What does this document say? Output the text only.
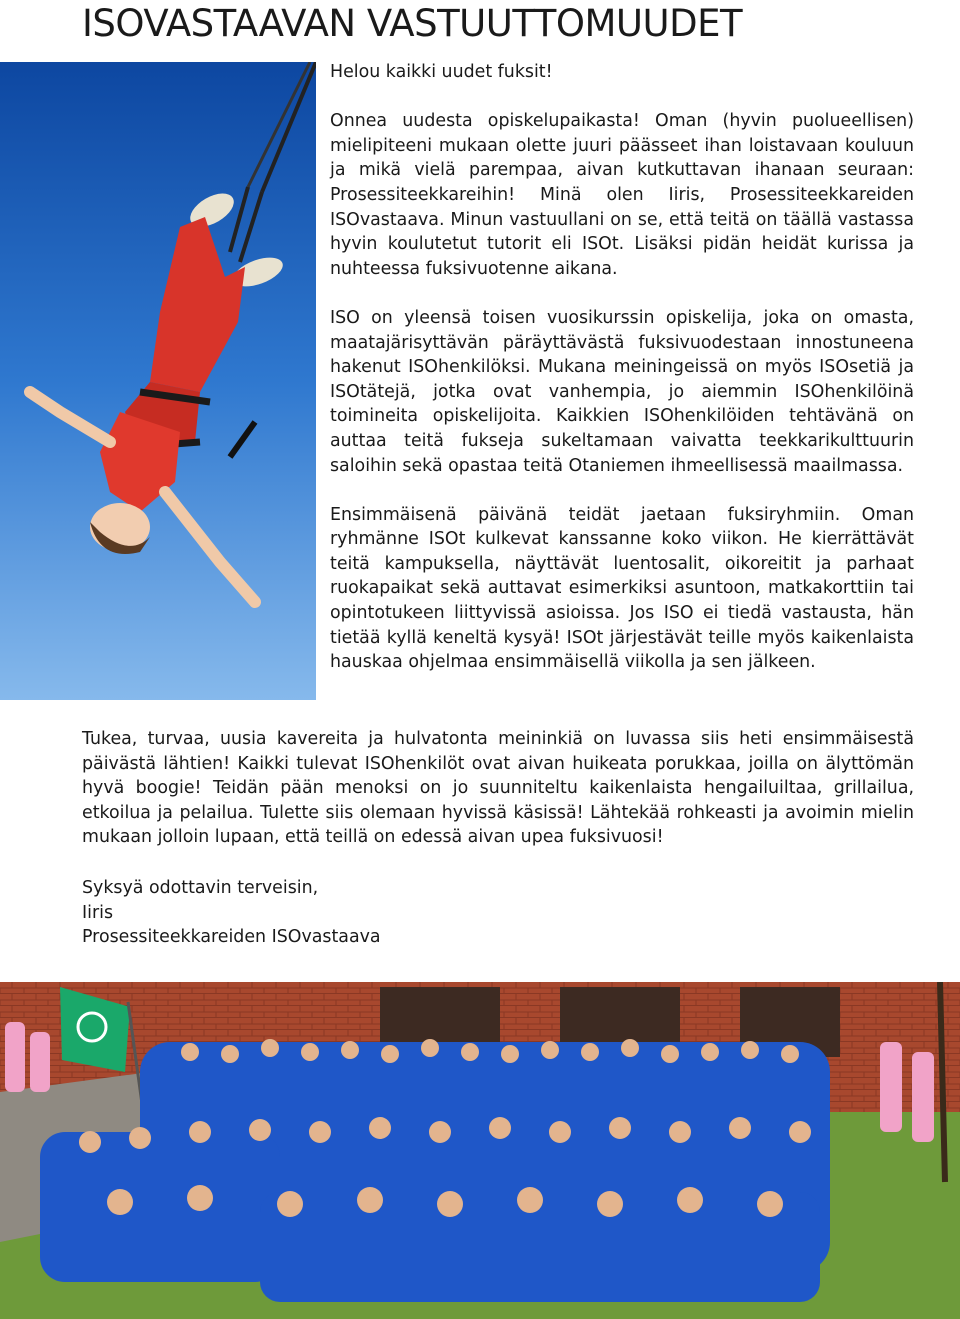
ISOVASTAAVAN VASTUUTTOMUUDET

Helou kaikki uudet fuksit!

Onnea uudesta opiskelupaikasta! Oman (hyvin puolueellisen) mielipiteeni mukaan olette juuri päässeet ihan loistavaan kouluun ja mikä vielä parempaa, aivan kutkuttavan ihanaan seuraan: Prosessiteekkareihin! Minä olen Iiris, Prosessiteekkareiden ISOvastaava. Minun vastuullani on se, että teitä on täällä vastassa hyvin koulutetut tutorit eli ISOt. Lisäksi pidän heidät kurissa ja nuhteessa fuksivuotenne aikana.

ISO on yleensä toisen vuosikurssin opiskelija, joka on omasta, maatajärisyttävän päräyttävästä fuksivuodestaan innostuneena hakenut ISOhenkilöksi. Mukana meiningeissä on myös ISOsetiä ja ISOtätejä, jotka ovat vanhempia, jo aiemmin ISOhenkilöinä toimineita opiskelijoita. Kaikkien ISOhenkilöiden tehtävänä on auttaa teitä fukseja sukeltamaan vaivatta teekkarikulttuurin saloihin sekä opastaa teitä Otaniemen ihmeellisessä maailmassa.

Ensimmäisenä päivänä teidät jaetaan fuksiryhmiin. Oman ryhmänne ISOt kulkevat kanssanne koko viikon. He kierrättävät teitä kampuksella, näyttävät luentosalit, oikoreitit ja parhaat ruokapaikat sekä auttavat esimerkiksi asuntoon, matkakorttiin tai opintotukeen liittyvissä asioissa. Jos ISO ei tiedä vastausta, hän tietää kyllä keneltä kysyä! ISOt järjestävät teille myös kaikenlaista hauskaa ohjelmaa ensimmäisellä viikolla ja sen jälkeen.

Tukea, turvaa, uusia kavereita ja hulvatonta meininkiä on luvassa siis heti ensimmäisestä päivästä lähtien! Kaikki tulevat ISOhenkilöt ovat aivan huikeata porukkaa, joilla on älyttömän hyvä boogie! Teidän pään menoksi on jo suunniteltu kaikenlaista hengailuiltaa, grillailua, etkoilua ja pelailua. Tulette siis olemaan hyvissä käsissä! Lähtekää rohkeasti ja avoimin mielin mukaan jolloin lupaan, että teillä on edessä aivan upea fuksivuosi!

Syksyä odottavin terveisin,
Iiris
Prosessiteekkareiden ISOvastaava
